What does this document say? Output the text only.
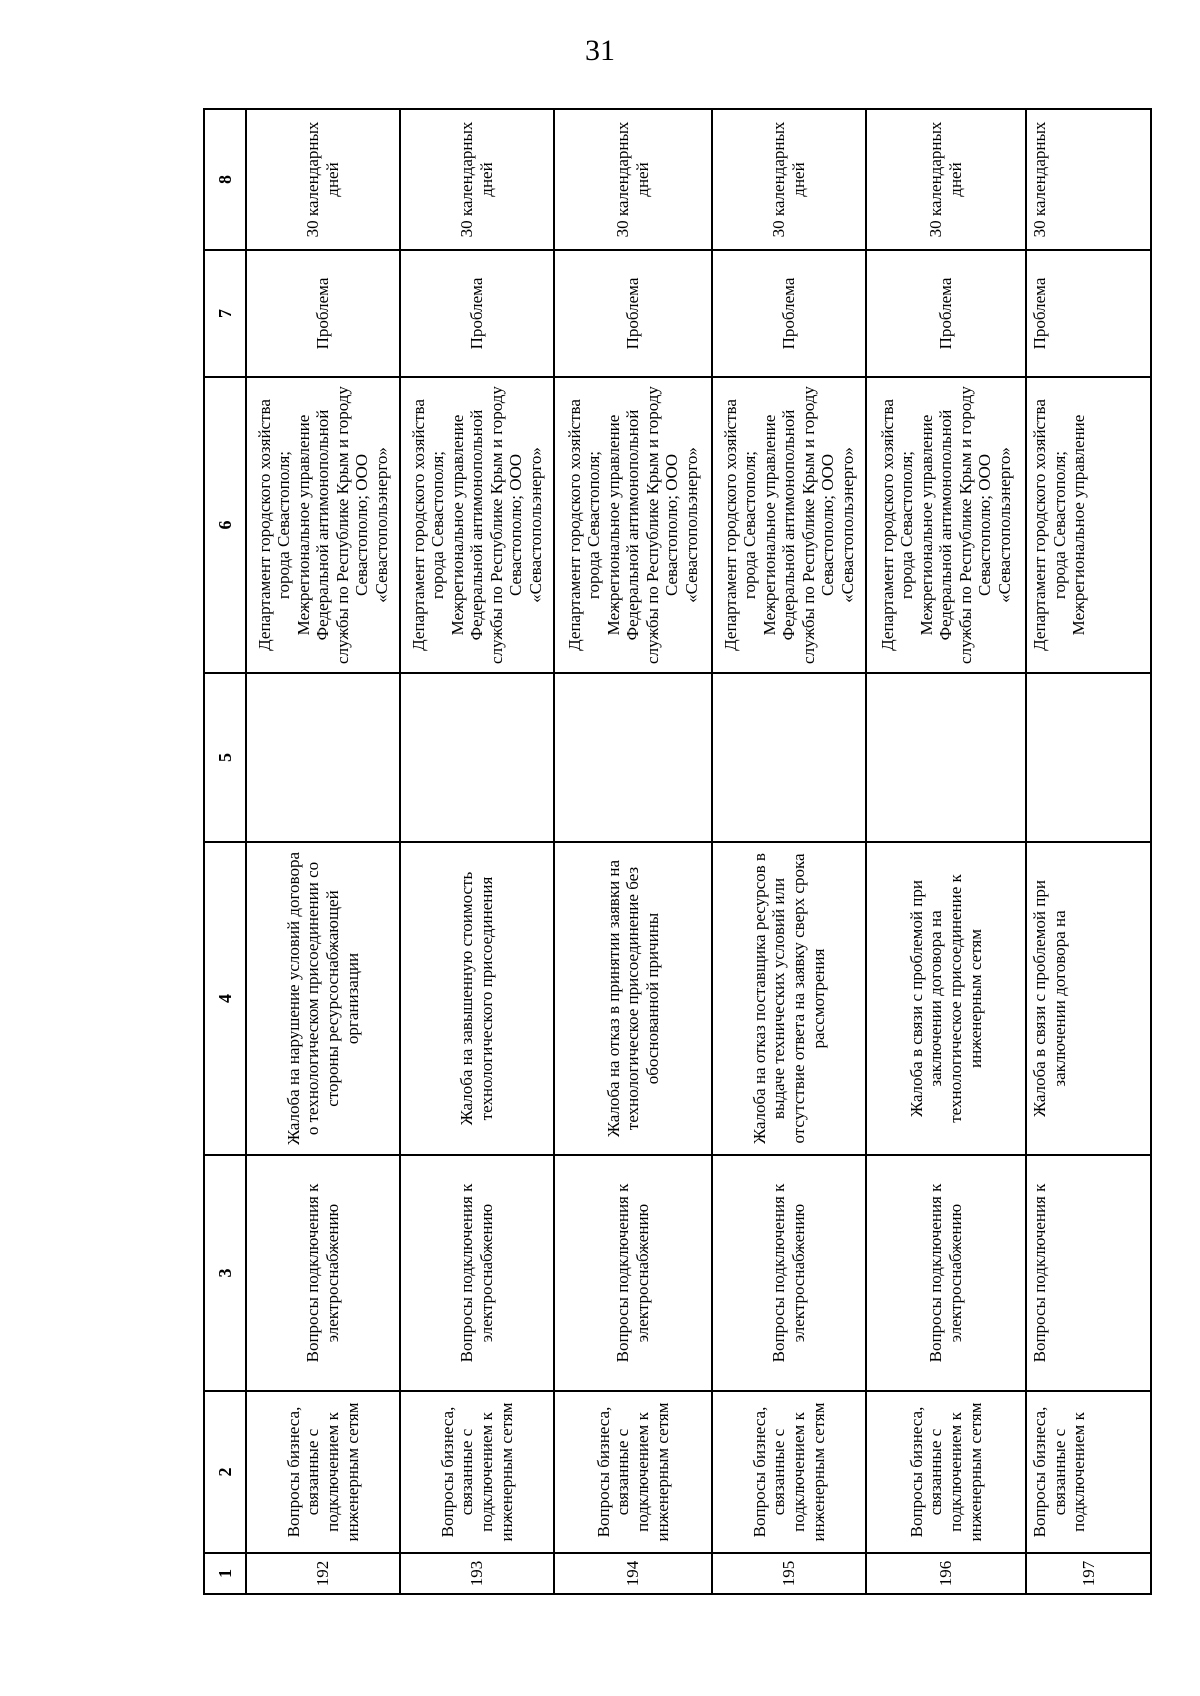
31
1	2	3	4	5	6	7	8
192	Вопросы бизнеса, связанные с подключением к инженерным сетям	Вопросы подключения к электроснабжению	Жалоба на нарушение условий договора о технологическом присоединении со стороны ресурсоснабжающей организации		Департамент городского хозяйства города Севастополя; Межрегиональное управление Федеральной антимонопольной службы по Республике Крым и городу Севастополю; ООО «Севастопольэнерго»	Проблема	30 календарных дней
193	Вопросы бизнеса, связанные с подключением к инженерным сетям	Вопросы подключения к электроснабжению	Жалоба на завышенную стоимость технологического присоединения		Департамент городского хозяйства города Севастополя; Межрегиональное управление Федеральной антимонопольной службы по Республике Крым и городу Севастополю; ООО «Севастопольэнерго»	Проблема	30 календарных дней
194	Вопросы бизнеса, связанные с подключением к инженерным сетям	Вопросы подключения к электроснабжению	Жалоба на отказ в принятии заявки на технологическое присоединение без обоснованной причины		Департамент городского хозяйства города Севастополя; Межрегиональное управление Федеральной антимонопольной службы по Республике Крым и городу Севастополю; ООО «Севастопольэнерго»	Проблема	30 календарных дней
195	Вопросы бизнеса, связанные с подключением к инженерным сетям	Вопросы подключения к электроснабжению	Жалоба на отказ поставщика ресурсов в выдаче технических условий или отсутствие ответа на заявку сверх срока рассмотрения		Департамент городского хозяйства города Севастополя; Межрегиональное управление Федеральной антимонопольной службы по Республике Крым и городу Севастополю; ООО «Севастопольэнерго»	Проблема	30 календарных дней
196	Вопросы бизнеса, связанные с подключением к инженерным сетям	Вопросы подключения к электроснабжению	Жалоба в связи с проблемой при заключении договора на технологическое присоединение к инженерным сетям		Департамент городского хозяйства города Севастополя; Межрегиональное управление Федеральной антимонопольной службы по Республике Крым и городу Севастополю; ООО «Севастопольэнерго»	Проблема	30 календарных дней
197	Вопросы бизнеса, связанные с подключением к	Вопросы подключения к	Жалоба в связи с проблемой при заключении договора на		Департамент городского хозяйства города Севастополя; Межрегиональное управление	Проблема	30 календарных
